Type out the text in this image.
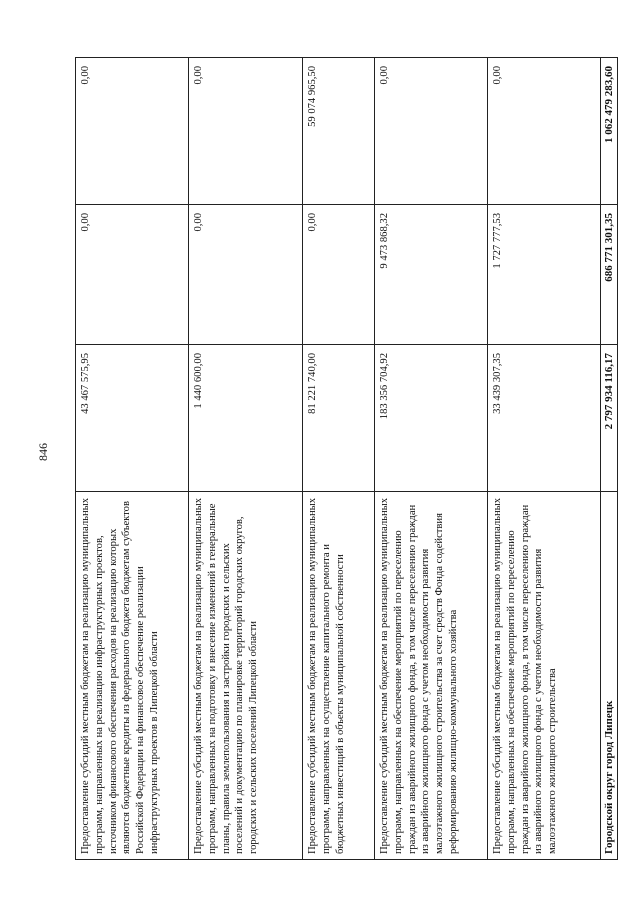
846
Предоставление субсидий местным бюджетам на реализацию муниципальных программ, направленных на реализацию инфраструктурных проектов, источником финансового обеспечения расходов на реализацию которых являются бюджетные кредиты из федерального бюджета бюджетам субъектов Российской Федерации на финансовое обеспечение реализации инфраструктурных проектов в Липецкой области	43 467 575,95	0,00	0,00
Предоставление субсидий местным бюджетам на реализацию муниципальных программ, направленных на подготовку и внесение изменений в генеральные планы, правила землепользования и застройки городских и сельских поселений и документацию по планировке территорий городских округов, городских и сельских поселений Липецкой области	1 440 600,00	0,00	0,00
Предоставление субсидий местным бюджетам на реализацию муниципальных программ, направленных на осуществление капитального ремонта и бюджетных инвестиций в объекты муниципальной собственности	81 221 740,00	0,00	59 074 965,50
Предоставление субсидий местным бюджетам на реализацию муниципальных программ, направленных на обеспечение мероприятий по переселению граждан из аварийного жилищного фонда, в том числе переселению граждан из аварийного жилищного фонда с учетом необходимости развития малоэтажного жилищного строительства за счет средств Фонда содействия реформированию жилищно-коммунального хозяйства	183 356 704,92	9 473 868,32	0,00
Предоставление субсидий местным бюджетам на реализацию муниципальных программ, направленных на обеспечение мероприятий по переселению граждан из аварийного жилищного фонда, в том числе переселению граждан из аварийного жилищного фонда с учетом необходимости развития малоэтажного жилищного строительства	33 439 307,35	1 727 777,53	0,00
Городской округ город Липецк	2 797 934 116,17	686 771 301,35	1 062 479 283,60
